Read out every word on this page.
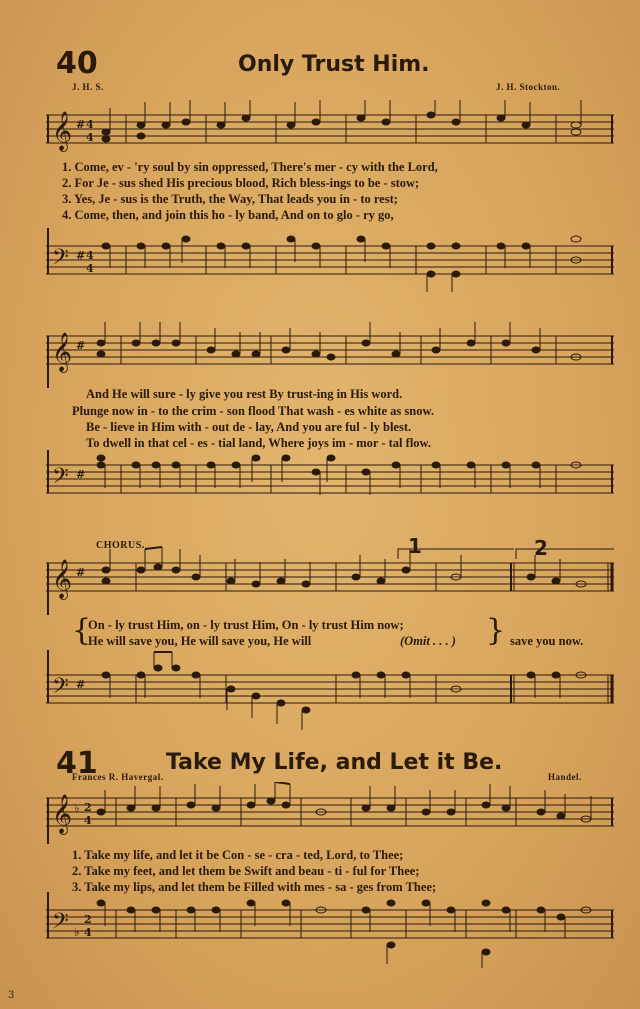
40	Only Trust Him.
J. H. S.	J. H. Stockton.
𝄞 # 4
4
1. Come, ev - 'ry soul by sin oppressed, There's mer - cy with the Lord,
2. For Je - sus shed His precious blood, Rich bless-ings to be - stow;
3. Yes, Je - sus is the Truth, the Way, That leads you in - to rest;
4. Come, then, and join this ho - ly band, And on to glo - ry go,
𝄢 # 4
4
𝄞 #
And He will sure - ly give you rest By trust-ing in His word.
Plunge now in - to the crim - son flood That wash - es white as snow.
Be - lieve in Him with - out de - lay, And you are ful - ly blest.
To dwell in that cel - es - tial land, Where joys im - mor - tal flow.
𝄢 #
CHORUS.	1	2
𝄞 #
{
On - ly trust Him, on - ly trust Him, On - ly trust Him now;
He will save you, He will save you, He will	(Omit . . . ) } save you now.
𝄢 #
41	Take My Life, and Let it Be.
Frances R. Havergal.	Handel.
𝄞 ♭ 2
4
1. Take my life, and let it be Con - se - cra - ted, Lord, to Thee;
2. Take my feet, and let them be Swift and beau - ti - ful for Thee;
3. Take my lips, and let them be Filled with mes - sa - ges from Thee;
𝄢 ♭
2
4
3
